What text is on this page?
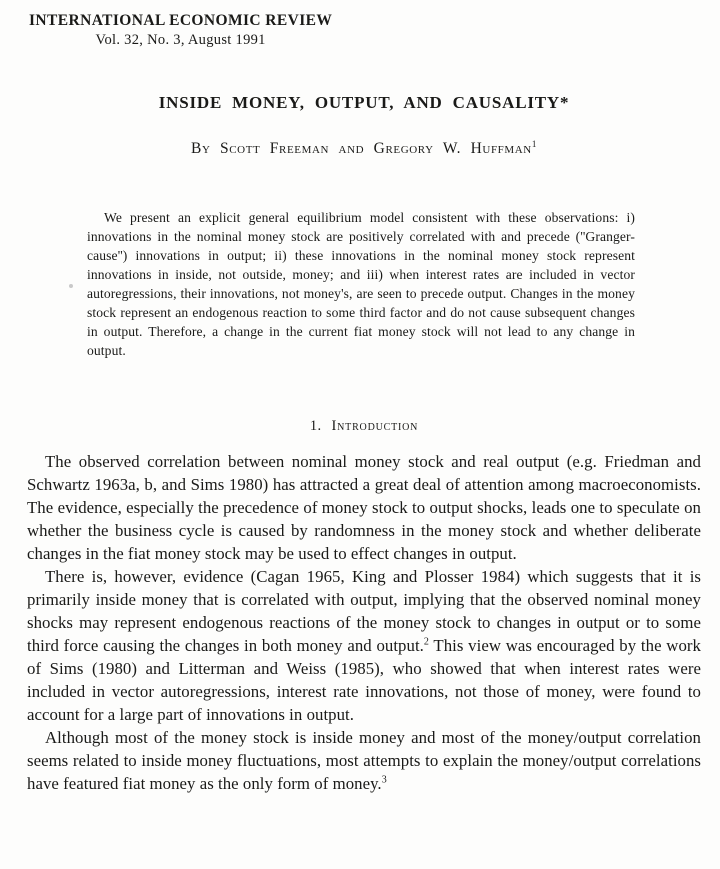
INTERNATIONAL ECONOMIC REVIEW
Vol. 32, No. 3, August 1991
INSIDE MONEY, OUTPUT, AND CAUSALITY*
By Scott Freeman and Gregory W. Huffman$^1$
We present an explicit general equilibrium model consistent with these observations: i) innovations in the nominal money stock are positively correlated with and precede (''Granger-cause'') innovations in output; ii) these innovations in the nominal money stock represent innovations in inside, not outside, money; and iii) when interest rates are included in vector autoregressions, their innovations, not money's, are seen to precede output. Changes in the money stock represent an endogenous reaction to some third factor and do not cause subsequent changes in output. Therefore, a change in the current fiat money stock will not lead to any change in output.
1. Introduction

The observed correlation between nominal money stock and real output (e.g. Friedman and Schwartz 1963a, b, and Sims 1980) has attracted a great deal of attention among macroeconomists. The evidence, especially the precedence of money stock to output shocks, leads one to speculate on whether the business cycle is caused by randomness in the money stock and whether deliberate changes in the fiat money stock may be used to effect changes in output.

There is, however, evidence (Cagan 1965, King and Plosser 1984) which suggests that it is primarily inside money that is correlated with output, implying that the observed nominal money shocks may represent endogenous reactions of the money stock to changes in output or to some third force causing the changes in both money and output.$^2$ This view was encouraged by the work of Sims (1980) and Litterman and Weiss (1985), who showed that when interest rates were included in vector autoregressions, interest rate innovations, not those of money, were found to account for a large part of innovations in output.

Although most of the money stock is inside money and most of the money/output correlation seems related to inside money fluctuations, most attempts to explain the money/output correlations have featured fiat money as the only form of money.$^3$
